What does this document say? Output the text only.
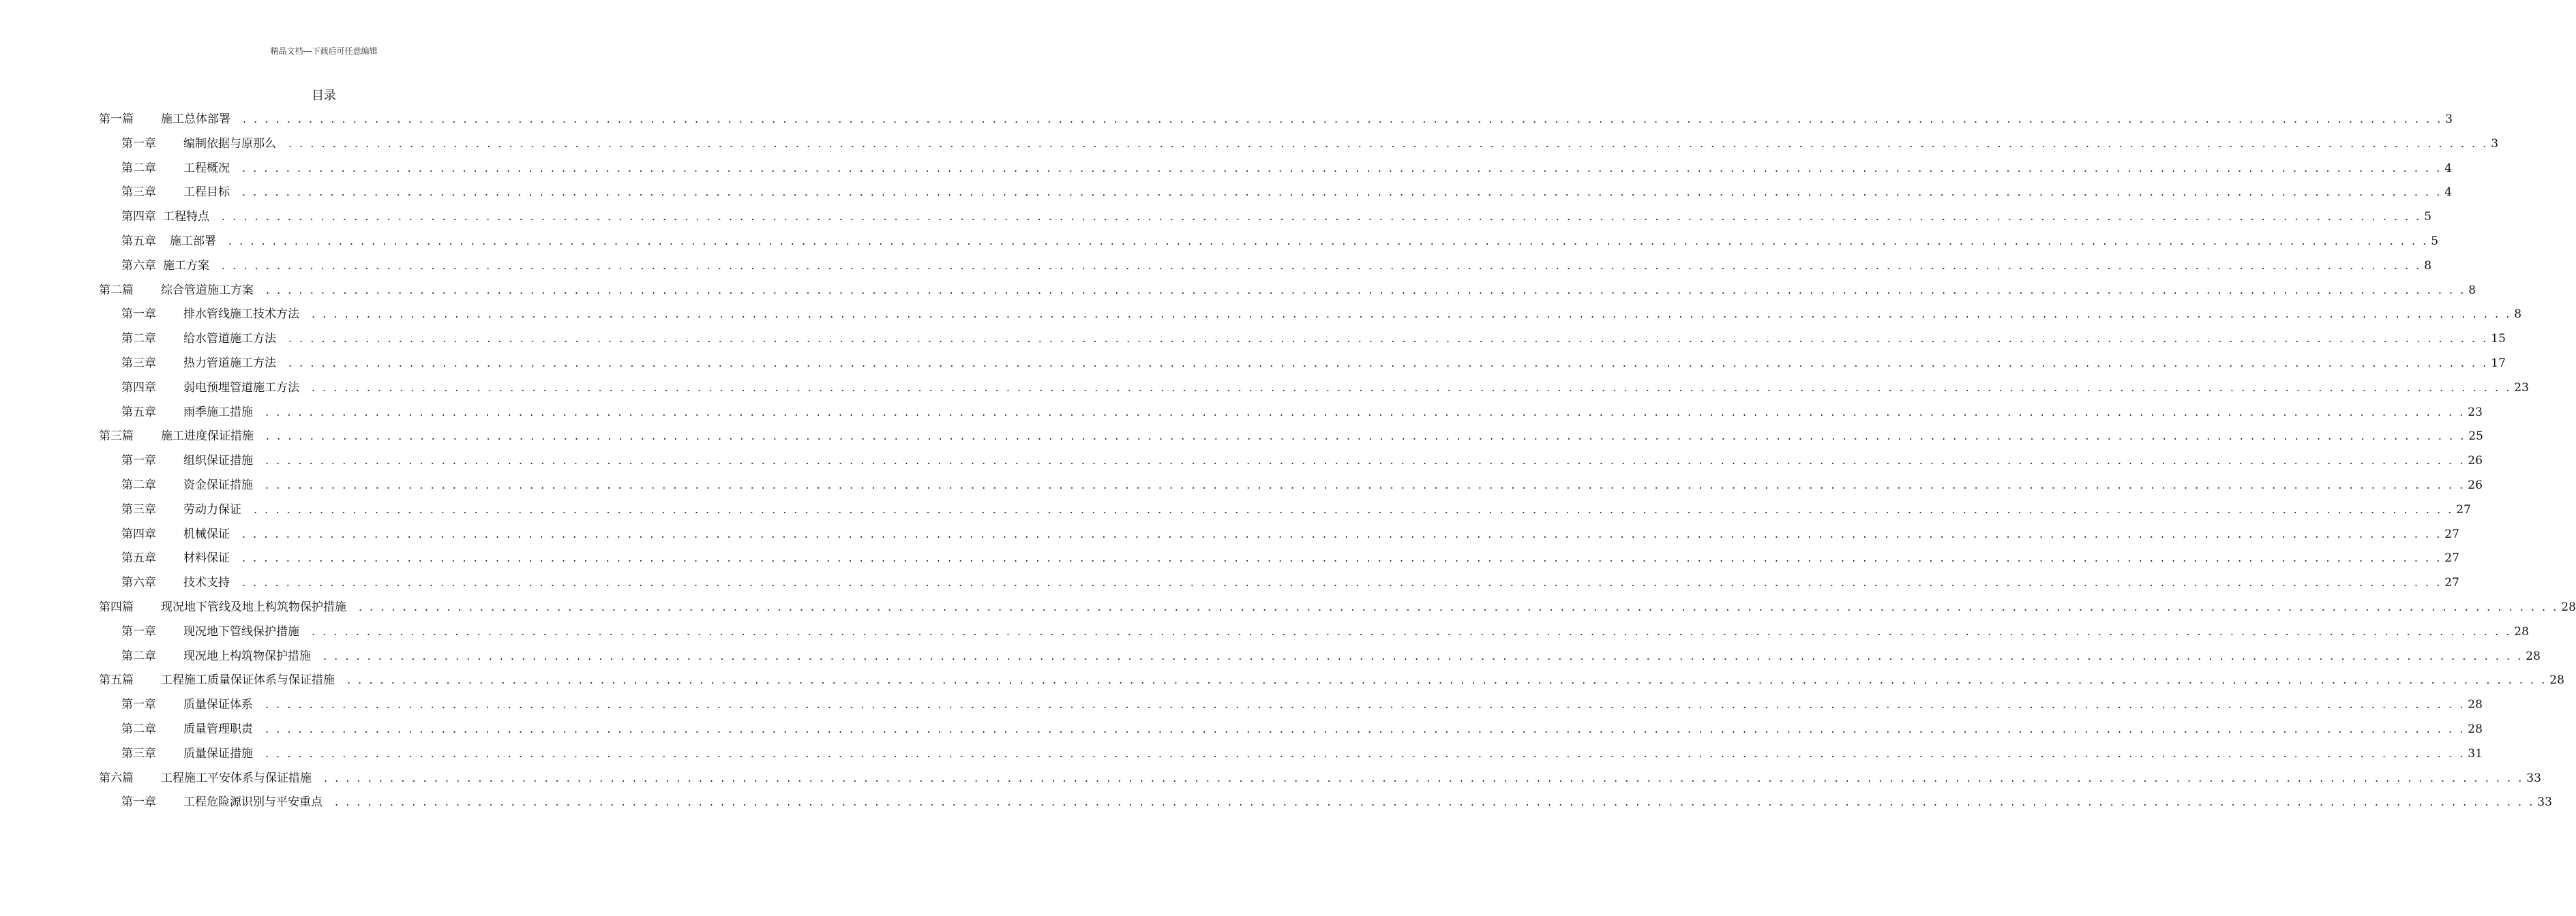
精品文档---下载后可任意编辑
目录
第一篇 施工总体部署 . . . . . . . . . . . . . . . . . . . . . . . . . . . . . . . . . . . . . . . . . . . . . . . . . . . . . . . . . . . . . . . . . . . . . . . . . . . . . . . . . . . . . . . . . . . . . . . . . . . . . . . . . . . . . . . . . . . . . . . . . . . . . . . . . . . . . . . . . . . . . . . . . . . . . . . . . . . . . . . . . . . . . . . . . . . . . . . . . . . . . . . . . . . . . . . . . . . . . . . . 3
第一章 编制依据与原那么 . . . . . . . . . . . . . . . . . . . . . . . . . . . . . . . . . . . . . . . . . . . . . . . . . . . . . . . . . . . . . . . . . . . . . . . . . . . . . . . . . . . . . . . . . . . . . . . . . . . . . . . . . . . . . . . . . . . . . . . . . . . . . . . . . . . . . . . . . . . . . . . . . . . . . . . . . . . . . . . . . . . . . . . . . . . . . . . . . . . . . . . . . . . . . . . . . . . . . . . . 3
第二章 工程概况 . . . . . . . . . . . . . . . . . . . . . . . . . . . . . . . . . . . . . . . . . . . . . . . . . . . . . . . . . . . . . . . . . . . . . . . . . . . . . . . . . . . . . . . . . . . . . . . . . . . . . . . . . . . . . . . . . . . . . . . . . . . . . . . . . . . . . . . . . . . . . . . . . . . . . . . . . . . . . . . . . . . . . . . . . . . . . . . . . . . . . . . . . . . . . . . . . . . . . . . . 4
第三章 工程目标 . . . . . . . . . . . . . . . . . . . . . . . . . . . . . . . . . . . . . . . . . . . . . . . . . . . . . . . . . . . . . . . . . . . . . . . . . . . . . . . . . . . . . . . . . . . . . . . . . . . . . . . . . . . . . . . . . . . . . . . . . . . . . . . . . . . . . . . . . . . . . . . . . . . . . . . . . . . . . . . . . . . . . . . . . . . . . . . . . . . . . . . . . . . . . . . . . . . . . . . . 4
第四章 工程特点 . . . . . . . . . . . . . . . . . . . . . . . . . . . . . . . . . . . . . . . . . . . . . . . . . . . . . . . . . . . . . . . . . . . . . . . . . . . . . . . . . . . . . . . . . . . . . . . . . . . . . . . . . . . . . . . . . . . . . . . . . . . . . . . . . . . . . . . . . . . . . . . . . . . . . . . . . . . . . . . . . . . . . . . . . . . . . . . . . . . . . . . . . . . . . . . . . . . . . . . . 5
第五章 施工部署 . . . . . . . . . . . . . . . . . . . . . . . . . . . . . . . . . . . . . . . . . . . . . . . . . . . . . . . . . . . . . . . . . . . . . . . . . . . . . . . . . . . . . . . . . . . . . . . . . . . . . . . . . . . . . . . . . . . . . . . . . . . . . . . . . . . . . . . . . . . . . . . . . . . . . . . . . . . . . . . . . . . . . . . . . . . . . . . . . . . . . . . . . . . . . . . . . . . . . . . . 5
第六章 施工方案 . . . . . . . . . . . . . . . . . . . . . . . . . . . . . . . . . . . . . . . . . . . . . . . . . . . . . . . . . . . . . . . . . . . . . . . . . . . . . . . . . . . . . . . . . . . . . . . . . . . . . . . . . . . . . . . . . . . . . . . . . . . . . . . . . . . . . . . . . . . . . . . . . . . . . . . . . . . . . . . . . . . . . . . . . . . . . . . . . . . . . . . . . . . . . . . . . . . . . . . . 8
第二篇 综合管道施工方案 . . . . . . . . . . . . . . . . . . . . . . . . . . . . . . . . . . . . . . . . . . . . . . . . . . . . . . . . . . . . . . . . . . . . . . . . . . . . . . . . . . . . . . . . . . . . . . . . . . . . . . . . . . . . . . . . . . . . . . . . . . . . . . . . . . . . . . . . . . . . . . . . . . . . . . . . . . . . . . . . . . . . . . . . . . . . . . . . . . . . . . . . . . . . . . . . . . . . . . . . 8
第一章 排水管线施工技术方法 . . . . . . . . . . . . . . . . . . . . . . . . . . . . . . . . . . . . . . . . . . . . . . . . . . . . . . . . . . . . . . . . . . . . . . . . . . . . . . . . . . . . . . . . . . . . . . . . . . . . . . . . . . . . . . . . . . . . . . . . . . . . . . . . . . . . . . . . . . . . . . . . . . . . . . . . . . . . . . . . . . . . . . . . . . . . . . . . . . . . . . . . . . . . . . . . . . . . . . . . 8
第二章 给水管道施工方法 . . . . . . . . . . . . . . . . . . . . . . . . . . . . . . . . . . . . . . . . . . . . . . . . . . . . . . . . . . . . . . . . . . . . . . . . . . . . . . . . . . . . . . . . . . . . . . . . . . . . . . . . . . . . . . . . . . . . . . . . . . . . . . . . . . . . . . . . . . . . . . . . . . . . . . . . . . . . . . . . . . . . . . . . . . . . . . . . . . . . . . . . . . . . . . . . . . . . . . . . 15
第三章 热力管道施工方法 . . . . . . . . . . . . . . . . . . . . . . . . . . . . . . . . . . . . . . . . . . . . . . . . . . . . . . . . . . . . . . . . . . . . . . . . . . . . . . . . . . . . . . . . . . . . . . . . . . . . . . . . . . . . . . . . . . . . . . . . . . . . . . . . . . . . . . . . . . . . . . . . . . . . . . . . . . . . . . . . . . . . . . . . . . . . . . . . . . . . . . . . . . . . . . . . . . . . . . . . 17
第四章 弱电预埋管道施工方法 . . . . . . . . . . . . . . . . . . . . . . . . . . . . . . . . . . . . . . . . . . . . . . . . . . . . . . . . . . . . . . . . . . . . . . . . . . . . . . . . . . . . . . . . . . . . . . . . . . . . . . . . . . . . . . . . . . . . . . . . . . . . . . . . . . . . . . . . . . . . . . . . . . . . . . . . . . . . . . . . . . . . . . . . . . . . . . . . . . . . . . . . . . . . . . . . . . . . . . . . 23
第五章 雨季施工措施 . . . . . . . . . . . . . . . . . . . . . . . . . . . . . . . . . . . . . . . . . . . . . . . . . . . . . . . . . . . . . . . . . . . . . . . . . . . . . . . . . . . . . . . . . . . . . . . . . . . . . . . . . . . . . . . . . . . . . . . . . . . . . . . . . . . . . . . . . . . . . . . . . . . . . . . . . . . . . . . . . . . . . . . . . . . . . . . . . . . . . . . . . . . . . . . . . . . . . . . . 23
第三篇 施工进度保证措施 . . . . . . . . . . . . . . . . . . . . . . . . . . . . . . . . . . . . . . . . . . . . . . . . . . . . . . . . . . . . . . . . . . . . . . . . . . . . . . . . . . . . . . . . . . . . . . . . . . . . . . . . . . . . . . . . . . . . . . . . . . . . . . . . . . . . . . . . . . . . . . . . . . . . . . . . . . . . . . . . . . . . . . . . . . . . . . . . . . . . . . . . . . . . . . . . . . . . . . . . 25
第一章 组织保证措施 . . . . . . . . . . . . . . . . . . . . . . . . . . . . . . . . . . . . . . . . . . . . . . . . . . . . . . . . . . . . . . . . . . . . . . . . . . . . . . . . . . . . . . . . . . . . . . . . . . . . . . . . . . . . . . . . . . . . . . . . . . . . . . . . . . . . . . . . . . . . . . . . . . . . . . . . . . . . . . . . . . . . . . . . . . . . . . . . . . . . . . . . . . . . . . . . . . . . . . . . 26
第二章 资金保证措施 . . . . . . . . . . . . . . . . . . . . . . . . . . . . . . . . . . . . . . . . . . . . . . . . . . . . . . . . . . . . . . . . . . . . . . . . . . . . . . . . . . . . . . . . . . . . . . . . . . . . . . . . . . . . . . . . . . . . . . . . . . . . . . . . . . . . . . . . . . . . . . . . . . . . . . . . . . . . . . . . . . . . . . . . . . . . . . . . . . . . . . . . . . . . . . . . . . . . . . . . 26
第三章 劳动力保证 . . . . . . . . . . . . . . . . . . . . . . . . . . . . . . . . . . . . . . . . . . . . . . . . . . . . . . . . . . . . . . . . . . . . . . . . . . . . . . . . . . . . . . . . . . . . . . . . . . . . . . . . . . . . . . . . . . . . . . . . . . . . . . . . . . . . . . . . . . . . . . . . . . . . . . . . . . . . . . . . . . . . . . . . . . . . . . . . . . . . . . . . . . . . . . . . . . . . . . . . 27
第四章 机械保证 . . . . . . . . . . . . . . . . . . . . . . . . . . . . . . . . . . . . . . . . . . . . . . . . . . . . . . . . . . . . . . . . . . . . . . . . . . . . . . . . . . . . . . . . . . . . . . . . . . . . . . . . . . . . . . . . . . . . . . . . . . . . . . . . . . . . . . . . . . . . . . . . . . . . . . . . . . . . . . . . . . . . . . . . . . . . . . . . . . . . . . . . . . . . . . . . . . . . . . . . 27
第五章 材料保证 . . . . . . . . . . . . . . . . . . . . . . . . . . . . . . . . . . . . . . . . . . . . . . . . . . . . . . . . . . . . . . . . . . . . . . . . . . . . . . . . . . . . . . . . . . . . . . . . . . . . . . . . . . . . . . . . . . . . . . . . . . . . . . . . . . . . . . . . . . . . . . . . . . . . . . . . . . . . . . . . . . . . . . . . . . . . . . . . . . . . . . . . . . . . . . . . . . . . . . . . 27
第六章 技术支持 . . . . . . . . . . . . . . . . . . . . . . . . . . . . . . . . . . . . . . . . . . . . . . . . . . . . . . . . . . . . . . . . . . . . . . . . . . . . . . . . . . . . . . . . . . . . . . . . . . . . . . . . . . . . . . . . . . . . . . . . . . . . . . . . . . . . . . . . . . . . . . . . . . . . . . . . . . . . . . . . . . . . . . . . . . . . . . . . . . . . . . . . . . . . . . . . . . . . . . . . 27
第四篇 现况地下管线及地上构筑物保护措施 . . . . . . . . . . . . . . . . . . . . . . . . . . . . . . . . . . . . . . . . . . . . . . . . . . . . . . . . . . . . . . . . . . . . . . . . . . . . . . . . . . . . . . . . . . . . . . . . . . . . . . . . . . . . . . . . . . . . . . . . . . . . . . . . . . . . . . . . . . . . . . . . . . . . . . . . . . . . . . . . . . . . . . . . . . . . . . . . . . . . . . . . . . . . . . . . . . . . . . . . 28
第一章 现况地下管线保护措施 . . . . . . . . . . . . . . . . . . . . . . . . . . . . . . . . . . . . . . . . . . . . . . . . . . . . . . . . . . . . . . . . . . . . . . . . . . . . . . . . . . . . . . . . . . . . . . . . . . . . . . . . . . . . . . . . . . . . . . . . . . . . . . . . . . . . . . . . . . . . . . . . . . . . . . . . . . . . . . . . . . . . . . . . . . . . . . . . . . . . . . . . . . . . . . . . . . . . . . . . 28
第二章 现况地上构筑物保护措施 . . . . . . . . . . . . . . . . . . . . . . . . . . . . . . . . . . . . . . . . . . . . . . . . . . . . . . . . . . . . . . . . . . . . . . . . . . . . . . . . . . . . . . . . . . . . . . . . . . . . . . . . . . . . . . . . . . . . . . . . . . . . . . . . . . . . . . . . . . . . . . . . . . . . . . . . . . . . . . . . . . . . . . . . . . . . . . . . . . . . . . . . . . . . . . . . . . . . . . . . 28
第五篇 工程施工质量保证体系与保证措施 . . . . . . . . . . . . . . . . . . . . . . . . . . . . . . . . . . . . . . . . . . . . . . . . . . . . . . . . . . . . . . . . . . . . . . . . . . . . . . . . . . . . . . . . . . . . . . . . . . . . . . . . . . . . . . . . . . . . . . . . . . . . . . . . . . . . . . . . . . . . . . . . . . . . . . . . . . . . . . . . . . . . . . . . . . . . . . . . . . . . . . . . . . . . . . . . . . . . . . . . 28
第一章 质量保证体系 . . . . . . . . . . . . . . . . . . . . . . . . . . . . . . . . . . . . . . . . . . . . . . . . . . . . . . . . . . . . . . . . . . . . . . . . . . . . . . . . . . . . . . . . . . . . . . . . . . . . . . . . . . . . . . . . . . . . . . . . . . . . . . . . . . . . . . . . . . . . . . . . . . . . . . . . . . . . . . . . . . . . . . . . . . . . . . . . . . . . . . . . . . . . . . . . . . . . . . . . 28
第二章 质量管理职责 . . . . . . . . . . . . . . . . . . . . . . . . . . . . . . . . . . . . . . . . . . . . . . . . . . . . . . . . . . . . . . . . . . . . . . . . . . . . . . . . . . . . . . . . . . . . . . . . . . . . . . . . . . . . . . . . . . . . . . . . . . . . . . . . . . . . . . . . . . . . . . . . . . . . . . . . . . . . . . . . . . . . . . . . . . . . . . . . . . . . . . . . . . . . . . . . . . . . . . . . 28
第三章 质量保证措施 . . . . . . . . . . . . . . . . . . . . . . . . . . . . . . . . . . . . . . . . . . . . . . . . . . . . . . . . . . . . . . . . . . . . . . . . . . . . . . . . . . . . . . . . . . . . . . . . . . . . . . . . . . . . . . . . . . . . . . . . . . . . . . . . . . . . . . . . . . . . . . . . . . . . . . . . . . . . . . . . . . . . . . . . . . . . . . . . . . . . . . . . . . . . . . . . . . . . . . . . 31
第六篇 工程施工平安体系与保证措施 . . . . . . . . . . . . . . . . . . . . . . . . . . . . . . . . . . . . . . . . . . . . . . . . . . . . . . . . . . . . . . . . . . . . . . . . . . . . . . . . . . . . . . . . . . . . . . . . . . . . . . . . . . . . . . . . . . . . . . . . . . . . . . . . . . . . . . . . . . . . . . . . . . . . . . . . . . . . . . . . . . . . . . . . . . . . . . . . . . . . . . . . . . . . . . . . . . . . . . . . 33
第一章 工程危险源识别与平安重点 . . . . . . . . . . . . . . . . . . . . . . . . . . . . . . . . . . . . . . . . . . . . . . . . . . . . . . . . . . . . . . . . . . . . . . . . . . . . . . . . . . . . . . . . . . . . . . . . . . . . . . . . . . . . . . . . . . . . . . . . . . . . . . . . . . . . . . . . . . . . . . . . . . . . . . . . . . . . . . . . . . . . . . . . . . . . . . . . . . . . . . . . . . . . . . . . . . . . . . . . 33
